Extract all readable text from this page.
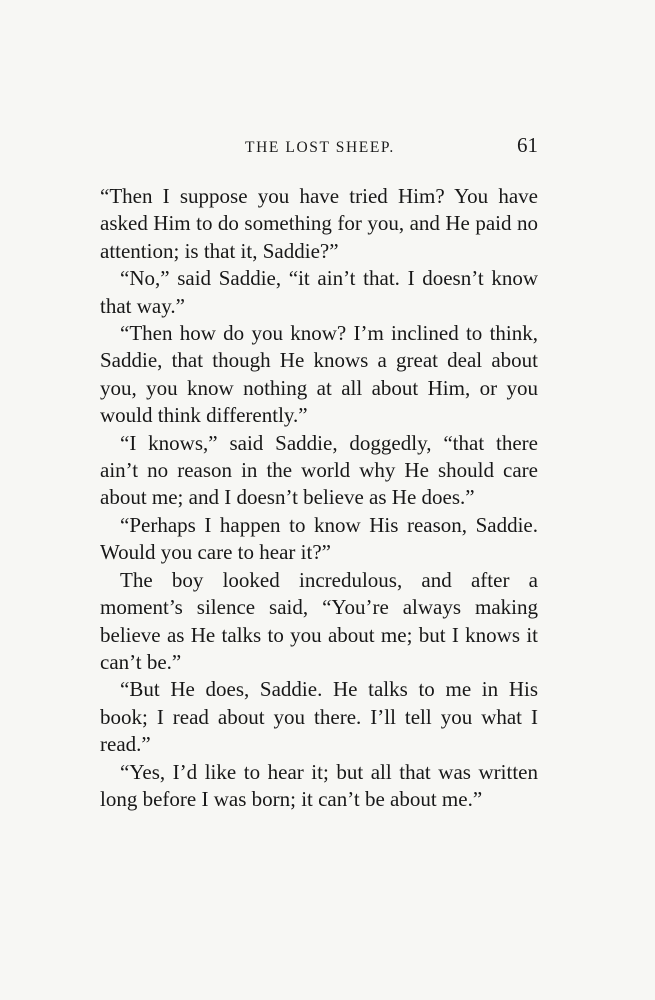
THE LOST SHEEP.	61

“Then I suppose you have tried Him? You have asked Him to do something for you, and He paid no attention; is that it, Saddie?”

“No,” said Saddie, “it ain’t that. I doesn’t know that way.”

“Then how do you know? I’m inclined to think, Saddie, that though He knows a great deal about you, you know nothing at all about Him, or you would think differently.”

“I knows,” said Saddie, doggedly, “that there ain’t no reason in the world why He should care about me; and I doesn’t believe as He does.”

“Perhaps I happen to know His reason, Saddie. Would you care to hear it?”

The boy looked incredulous, and after a moment’s silence said, “You’re always making believe as He talks to you about me; but I knows it can’t be.”

“But He does, Saddie. He talks to me in His book; I read about you there. I’ll tell you what I read.”

“Yes, I’d like to hear it; but all that was written long before I was born; it can’t be about me.”
